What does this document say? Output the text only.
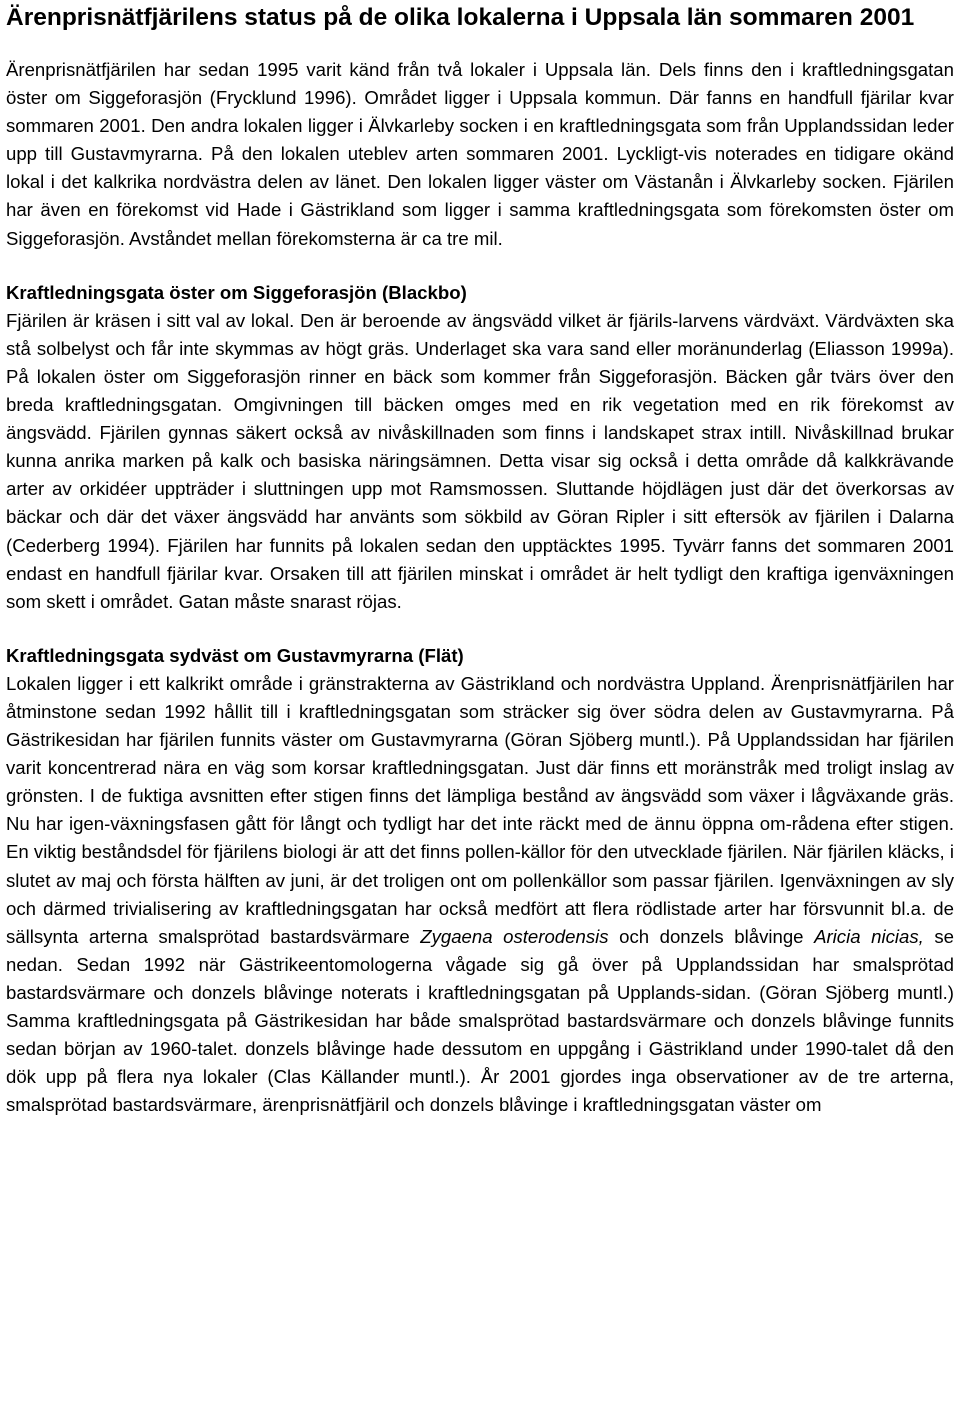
Ärenprisnätfjärilens status på de olika lokalerna i Uppsala län sommaren 2001

Ärenprisnätfjärilen har sedan 1995 varit känd från två lokaler i Uppsala län. Dels finns den i kraftledningsgatan öster om Siggeforasjön (Frycklund 1996). Området ligger i Uppsala kommun. Där fanns en handfull fjärilar kvar sommaren 2001. Den andra lokalen ligger i Älvkarleby socken i en kraftledningsgata som från Upplandssidan leder upp till Gustavmyrarna. På den lokalen uteblev arten sommaren 2001. Lyckligt-vis noterades en tidigare okänd lokal i det kalkrika nordvästra delen av länet. Den lokalen ligger väster om Västanån i Älvkarleby socken. Fjärilen har även en förekomst vid Hade i Gästrikland som ligger i samma kraftledningsgata som förekomsten öster om Siggeforasjön. Avståndet mellan förekomsterna är ca tre mil.

Kraftledningsgata öster om Siggeforasjön (Blackbo)

Fjärilen är kräsen i sitt val av lokal. Den är beroende av ängsvädd vilket är fjärils-larvens värdväxt. Värdväxten ska stå solbelyst och får inte skymmas av högt gräs. Underlaget ska vara sand eller moränunderlag (Eliasson 1999a). På lokalen öster om Siggeforasjön rinner en bäck som kommer från Siggeforasjön. Bäcken går tvärs över den breda kraftledningsgatan. Omgivningen till bäcken omges med en rik vegetation med en rik förekomst av ängsvädd. Fjärilen gynnas säkert också av nivåskillnaden som finns i landskapet strax intill. Nivåskillnad brukar kunna anrika marken på kalk och basiska näringsämnen. Detta visar sig också i detta område då kalkkrävande arter av orkidéer uppträder i sluttningen upp mot Ramsmossen. Sluttande höjdlägen just där det överkorsas av bäckar och där det växer ängsvädd har använts som sökbild av Göran Ripler i sitt eftersök av fjärilen i Dalarna (Cederberg 1994). Fjärilen har funnits på lokalen sedan den upptäcktes 1995. Tyvärr fanns det sommaren 2001 endast en handfull fjärilar kvar. Orsaken till att fjärilen minskat i området är helt tydligt den kraftiga igenväxningen som skett i området. Gatan måste snarast röjas.

Kraftledningsgata sydväst om Gustavmyrarna (Flät)

Lokalen ligger i ett kalkrikt område i gränstrakterna av Gästrikland och nordvästra Uppland. Ärenprisnätfjärilen har åtminstone sedan 1992 hållit till i kraftledningsgatan som sträcker sig över södra delen av Gustavmyrarna. På Gästrikesidan har fjärilen funnits väster om Gustavmyrarna (Göran Sjöberg muntl.). På Upplandssidan har fjärilen varit koncentrerad nära en väg som korsar kraftledningsgatan. Just där finns ett moränstråk med troligt inslag av grönsten. I de fuktiga avsnitten efter stigen finns det lämpliga bestånd av ängsvädd som växer i lågväxande gräs. Nu har igen-växningsfasen gått för långt och tydligt har det inte räckt med de ännu öppna om-rådena efter stigen. En viktig beståndsdel för fjärilens biologi är att det finns pollen-källor för den utvecklade fjärilen. När fjärilen kläcks, i slutet av maj och första hälften av juni, är det troligen ont om pollenkällor som passar fjärilen. Igenväxningen av sly och därmed trivialisering av kraftledningsgatan har också medfört att flera rödlistade arter har försvunnit bl.a. de sällsynta arterna smalsprötad bastardsvärmare Zygaena osterodensis och donzels blåvinge Aricia nicias, se nedan. Sedan 1992 när Gästrikeentomologerna vågade sig gå över på Upplandssidan har smalsprötad bastardsvärmare och donzels blåvinge noterats i kraftledningsgatan på Upplands-sidan. (Göran Sjöberg muntl.) Samma kraftledningsgata på Gästrikesidan har både smalsprötad bastardsvärmare och donzels blåvinge funnits sedan början av 1960-talet. donzels blåvinge hade dessutom en uppgång i Gästrikland under 1990-talet då den dök upp på flera nya lokaler (Clas Källander muntl.). År 2001 gjordes inga observationer av de tre arterna, smalsprötad bastardsvärmare, ärenprisnätfjäril och donzels blåvinge i kraftledningsgatan väster om
